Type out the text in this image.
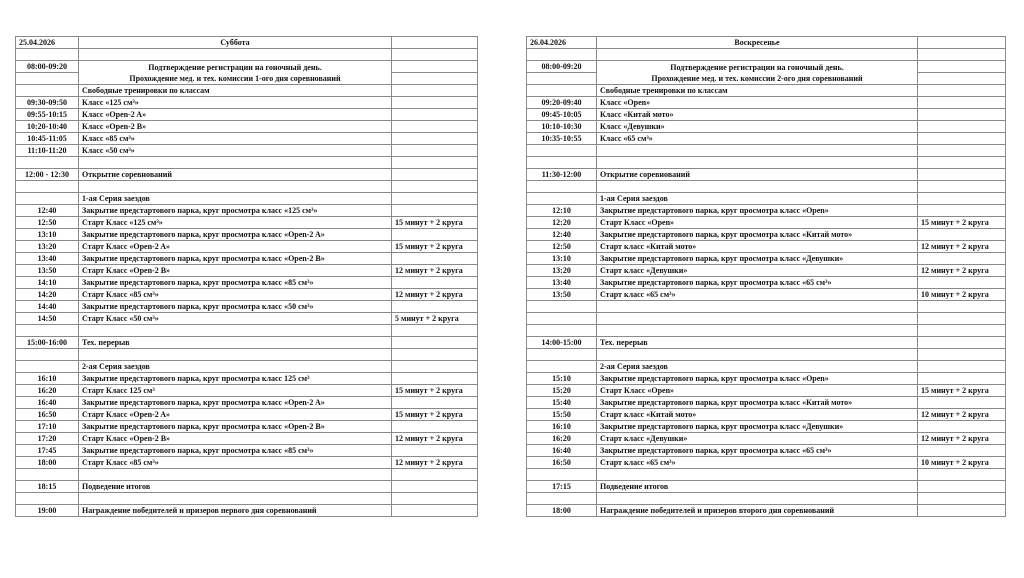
25.04.2026	Суббота	

08:00-09:20	Подтверждение регистрации на гоночный день.
Прохождение мед. и тех. комиссии 1-ого дня соревнований	

	Свободные тренировки по классам	
09:30-09:50	Класс «125 см³»	
09:55-10:15	Класс «Open-2 A»	
10:20-10:40	Класс «Open-2 B»	
10:45-11:05	Класс «85 см³»	
11:10-11:20	Класс «50 см³»	

12:00 - 12:30	Открытие соревнований	

	1-ая Серия заездов	
12:40	Закрытие предстартового парка, круг просмотра класс «125 см³»	
12:50	Старт Класс «125 см³»	15 минут + 2 круга
13:10	Закрытие предстартового парка, круг просмотра класс «Open-2 A»	
13:20	Старт Класс «Open-2 A»	15 минут + 2 круга
13:40	Закрытие предстартового парка, круг просмотра класс «Open-2 B»	
13:50	Старт Класс «Open-2 B»	12 минут + 2 круга
14:10	Закрытие предстартового парка, круг просмотра класс «85 см³»	
14:20	Старт Класс «85 см³»	12 минут + 2 круга
14:40	Закрытие предстартового парка, круг просмотра класс «50 см³»	
14:50	Старт Класс «50 см³»	5 минут + 2 круга

15:00-16:00	Тех. перерыв	

	2-ая Серия заездов	
16:10	Закрытие предстартового парка, круг просмотра класс 125 см³	
16:20	Старт Класс 125 см³	15 минут + 2 круга
16:40	Закрытие предстартового парка, круг просмотра класс «Open-2 A»	
16:50	Старт Класс «Open-2 A»	15 минут + 2 круга
17:10	Закрытие предстартового парка, круг просмотра класс «Open-2 B»	
17:20	Старт Класс «Open-2 B»	12 минут + 2 круга
17:45	Закрытие предстартового парка, круг просмотра класс «85 см³»	
18:00	Старт Класс «85 см³»	12 минут + 2 круга

18:15	Подведение итогов	

19:00	Награждение победителей и призеров первого дня соревнований	
26.04.2026	Воскресенье	

08:00-09:20	Подтверждение регистрации на гоночный день.
Прохождение мед. и тех. комиссии 2-ого дня соревнований	

	Свободные тренировки по классам	
09:20-09:40	Класс «Open»	
09:45-10:05	Класс «Китай мото»	
10:10-10:30	Класс «Девушки»	
10:35-10:55	Класс «65 см³»	

11:30-12:00	Открытие соревнований	

	1-ая Серия заездов	
12:10	Закрытие предстартового парка, круг просмотра класс «Open»	
12:20	Старт Класс «Open»	15 минут + 2 круга
12:40	Закрытие предстартового парка, круг просмотра класс «Китай мото»	
12:50	Старт класс «Китай мото»	12 минут + 2 круга
13:10	Закрытие предстартового парка, круг просмотра класс «Девушки»	
13:20	Старт класс «Девушки»	12 минут + 2 круга
13:40	Закрытие предстартового парка, круг просмотра класс «65 см³»	
13:50	Старт класс «65 см³»	10 минут + 2 круга

14:00-15:00	Тех. перерыв	

	2-ая Серия заездов	
15:10	Закрытие предстартового парка, круг просмотра класс «Open»	
15:20	Старт Класс «Open»	15 минут + 2 круга
15:40	Закрытие предстартового парка, круг просмотра класс «Китай мото»	
15:50	Старт класс «Китай мото»	12 минут + 2 круга
16:10	Закрытие предстартового парка, круг просмотра класс «Девушки»	
16:20	Старт класс «Девушки»	12 минут + 2 круга
16:40	Закрытие предстартового парка, круг просмотра класс «65 см³»	
16:50	Старт класс «65 см³»	10 минут + 2 круга

17:15	Подведение итогов	

18:00	Награждение победителей и призеров второго дня соревнований	
